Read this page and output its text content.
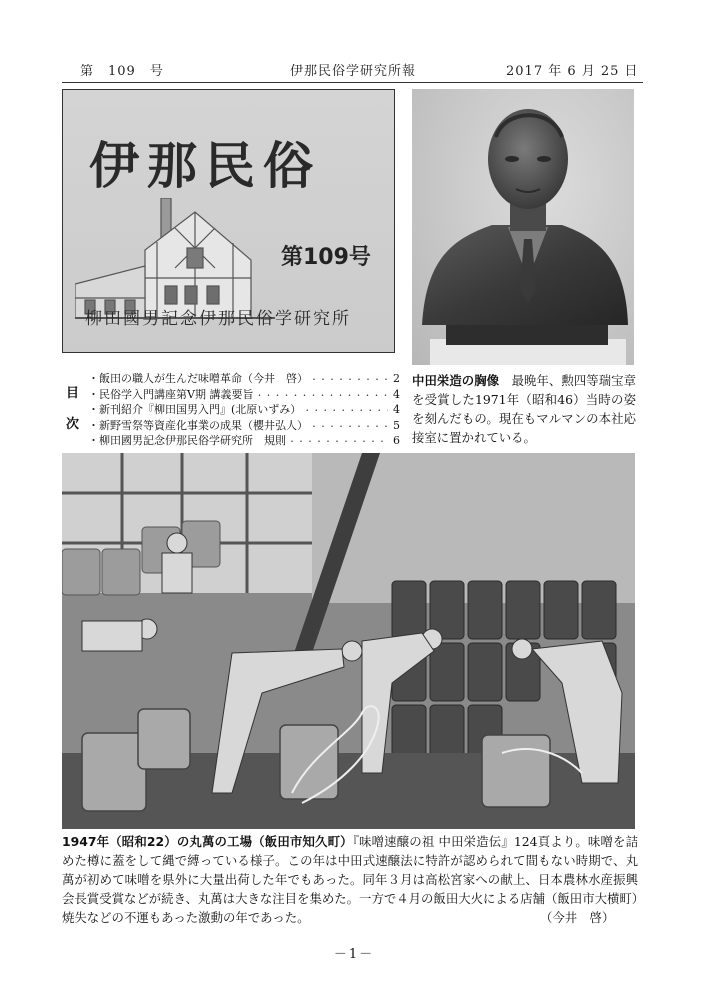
第　109　号	伊那民俗学研究所報	2017 年 6 月 25 日
伊那民俗
第109号
柳田國男記念伊那民俗学研究所
目
次
・飯田の職人が生んだ味噌革命（今井　啓） ・・・・・・・・・・・・・・・・・・・・・・・・・・・・・・・・・・・・	2
・民俗学入門講座第Ⅴ期 講義要旨 ・・・・・・・・・・・・・・・・・・・・・・・・・・・・・・・・・・・・	4
・新刊紹介『柳田国男入門』(北原いずみ） ・・・・・・・・・・・・・・・・・・・・・・・・・・・・・・・・・・・・	4
・新野雪祭等資産化事業の成果（櫻井弘人） ・・・・・・・・・・・・・・・・・・・・・・・・・・・・・・・・・・・・	5
・柳田國男記念伊那民俗学研究所　規則 ・・・・・・・・・・・・・・・・・・・・・・・・・・・・・・・・・・・・	6
中田栄造の胸像　最晩年、勲四等瑞宝章を受賞した1971年（昭和46）当時の姿を刻んだもの。現在もマルマンの本社応接室に置かれている。
1947年（昭和22）の丸萬の工場（飯田市知久町）『味噌速醸の祖 中田栄造伝』124頁より。味噌を詰めた樽に蓋をして縄で縛っている様子。この年は中田式速醸法に特許が認められて間もない時期で、丸萬が初めて味噌を県外に大量出荷した年でもあった。同年３月は高松宮家への献上、日本農林水産振興会長賞受賞などが続き、丸萬は大きな注目を集めた。一方で４月の飯田大火による店舗（飯田市大横町）焼失などの不運もあった激動の年であった。	（今井　啓）
－1－
